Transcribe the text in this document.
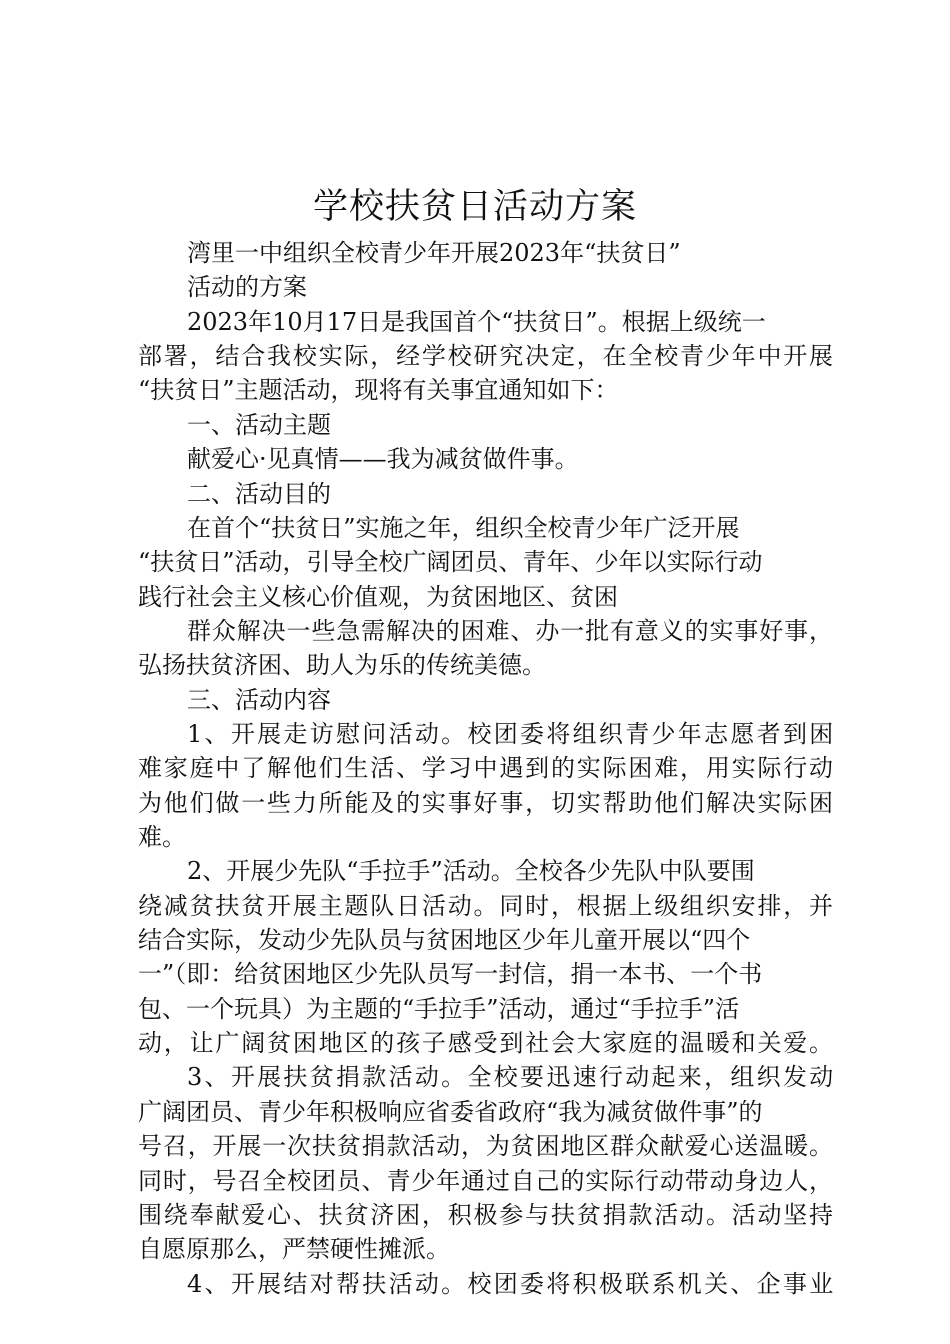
学校扶贫日活动方案
湾里一中组织全校青少年开展2023年“扶贫日”
活动的方案
2023年10月17日是我国首个“扶贫日”。根据上级统一
部署，结合我校实际，经学校研究决定，在全校青少年中开展
“扶贫日”主题活动，现将有关事宜通知如下：
一、活动主题
献爱心·见真情——我为减贫做件事。
二、活动目的
在首个“扶贫日”实施之年，组织全校青少年广泛开展
“扶贫日”活动，引导全校广阔团员、青年、少年以实际行动
践行社会主义核心价值观，为贫困地区、贫困
群众解决一些急需解决的困难、办一批有意义的实事好事，
弘扬扶贫济困、助人为乐的传统美德。
三、活动内容
1、开展走访慰问活动。校团委将组织青少年志愿者到困
难家庭中了解他们生活、学习中遇到的实际困难，用实际行动
为他们做一些力所能及的实事好事，切实帮助他们解决实际困
难。
2、开展少先队“手拉手”活动。全校各少先队中队要围
绕减贫扶贫开展主题队日活动。同时，根据上级组织安排，并
结合实际，发动少先队员与贫困地区少年儿童开展以“四个
一”（即：给贫困地区少先队员写一封信，捐一本书、一个书
包、一个玩具）为主题的“手拉手”活动，通过“手拉手”活
动，让广阔贫困地区的孩子感受到社会大家庭的温暖和关爱。
3、开展扶贫捐款活动。全校要迅速行动起来，组织发动
广阔团员、青少年积极响应省委省政府“我为减贫做件事”的
号召，开展一次扶贫捐款活动，为贫困地区群众献爱心送温暖。
同时，号召全校团员、青少年通过自己的实际行动带动身边人，
围绕奉献爱心、扶贫济困，积极参与扶贫捐款活动。活动坚持
自愿原那么，严禁硬性摊派。
4、开展结对帮扶活动。校团委将积极联系机关、企事业
